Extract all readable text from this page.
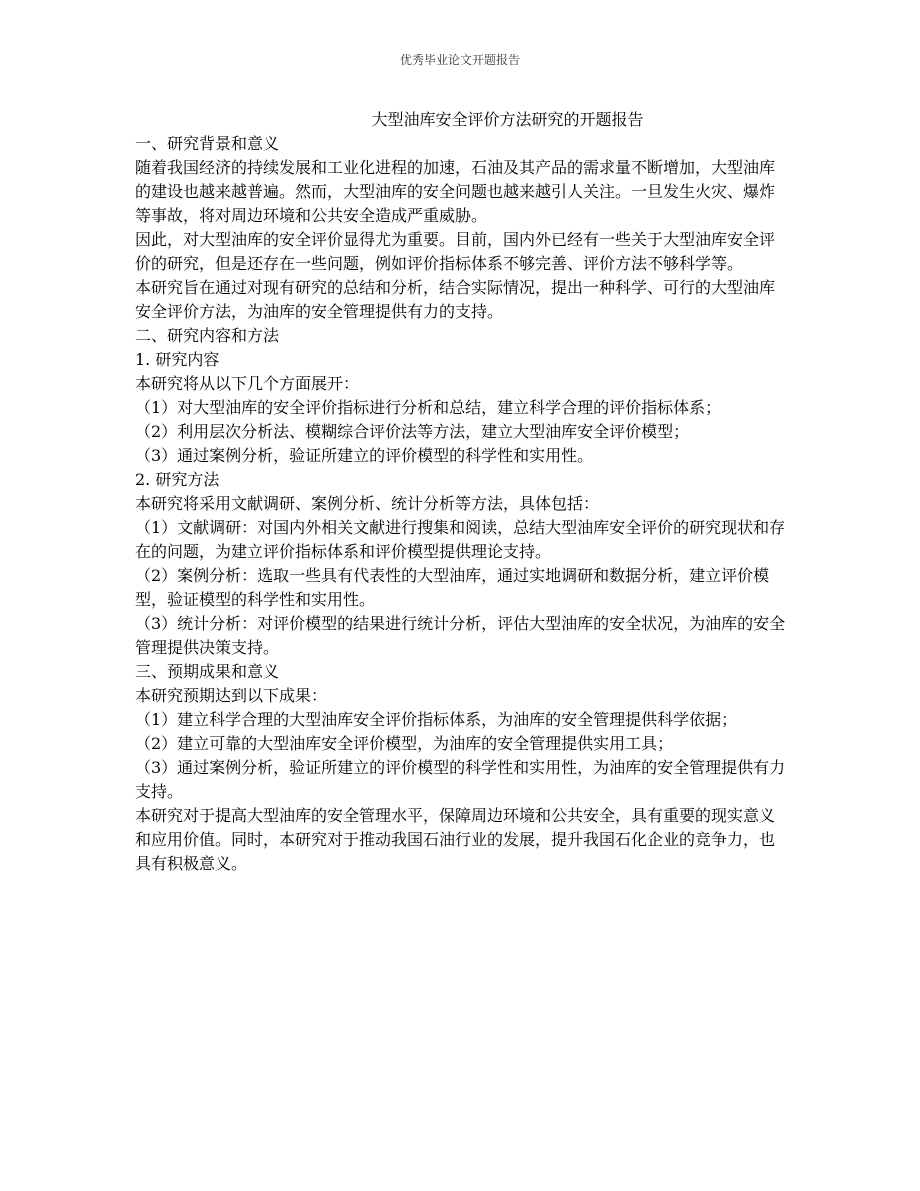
优秀毕业论文开题报告
大型油库安全评价方法研究的开题报告

一、研究背景和意义

随着我国经济的持续发展和工业化进程的加速，石油及其产品的需求量不断增加，大型油库的建设也越来越普遍。然而，大型油库的安全问题也越来越引人关注。一旦发生火灾、爆炸等事故，将对周边环境和公共安全造成严重威胁。

因此，对大型油库的安全评价显得尤为重要。目前，国内外已经有一些关于大型油库安全评价的研究，但是还存在一些问题，例如评价指标体系不够完善、评价方法不够科学等。

本研究旨在通过对现有研究的总结和分析，结合实际情况，提出一种科学、可行的大型油库安全评价方法，为油库的安全管理提供有力的支持。

二、研究内容和方法

1. 研究内容

本研究将从以下几个方面展开：

（1）对大型油库的安全评价指标进行分析和总结，建立科学合理的评价指标体系；

（2）利用层次分析法、模糊综合评价法等方法，建立大型油库安全评价模型；

（3）通过案例分析，验证所建立的评价模型的科学性和实用性。

2. 研究方法

本研究将采用文献调研、案例分析、统计分析等方法，具体包括：

（1）文献调研：对国内外相关文献进行搜集和阅读，总结大型油库安全评价的研究现状和存在的问题，为建立评价指标体系和评价模型提供理论支持。

（2）案例分析：选取一些具有代表性的大型油库，通过实地调研和数据分析，建立评价模型，验证模型的科学性和实用性。

（3）统计分析：对评价模型的结果进行统计分析，评估大型油库的安全状况，为油库的安全管理提供决策支持。

三、预期成果和意义

本研究预期达到以下成果：

（1）建立科学合理的大型油库安全评价指标体系，为油库的安全管理提供科学依据；

（2）建立可靠的大型油库安全评价模型，为油库的安全管理提供实用工具；

（3）通过案例分析，验证所建立的评价模型的科学性和实用性，为油库的安全管理提供有力支持。

本研究对于提高大型油库的安全管理水平，保障周边环境和公共安全，具有重要的现实意义和应用价值。同时，本研究对于推动我国石油行业的发展，提升我国石化企业的竞争力，也具有积极意义。
